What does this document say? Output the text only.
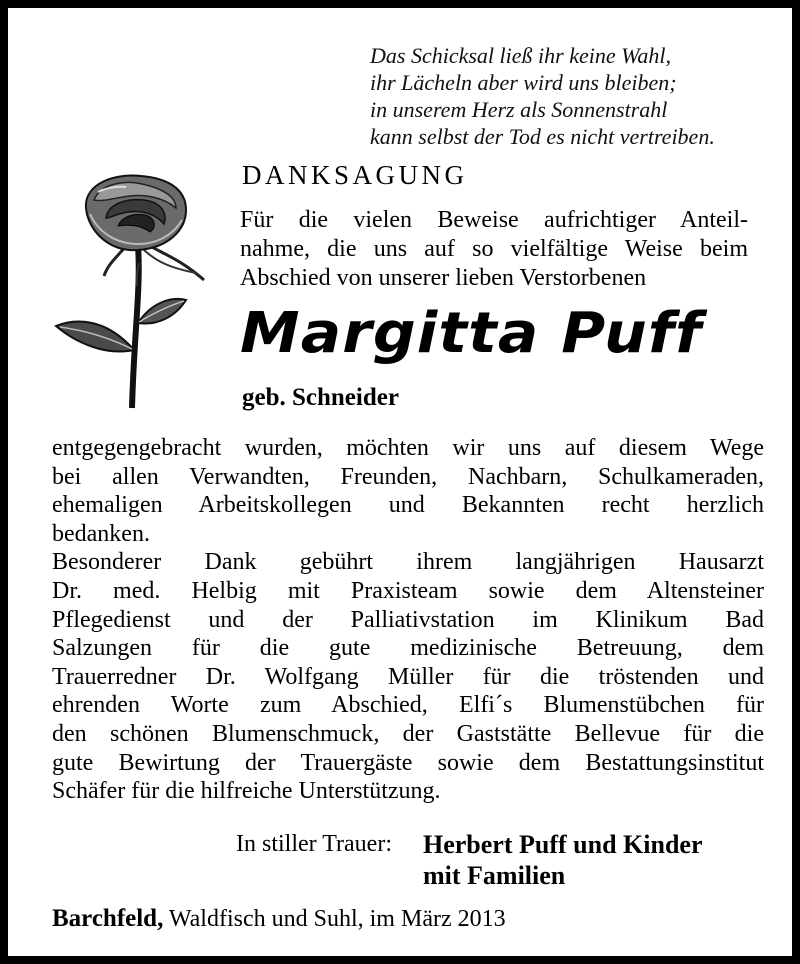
Das Schicksal ließ ihr keine Wahl,
ihr Lächeln aber wird uns bleiben;
in unserem Herz als Sonnenstrahl
kann selbst der Tod es nicht vertreiben.
DANKSAGUNG
Für die vielen Beweise aufrichtiger Anteil-
nahme, die uns auf so vielfältige Weise beim
Abschied von unserer lieben Verstorbenen
Margitta Puff
geb. Schneider
entgegengebracht wurden, möchten wir uns auf diesem Wege
bei allen Verwandten, Freunden, Nachbarn, Schulkameraden,
ehemaligen Arbeitskollegen und Bekannten recht herzlich
bedanken.
Besonderer Dank gebührt ihrem langjährigen Hausarzt
Dr. med. Helbig mit Praxisteam sowie dem Altensteiner
Pflegedienst und der Palliativstation im Klinikum Bad
Salzungen für die gute medizinische Betreuung, dem
Trauerredner Dr. Wolfgang Müller für die tröstenden und
ehrenden Worte zum Abschied, Elfi´s Blumenstübchen für
den schönen Blumenschmuck, der Gaststätte Bellevue für die
gute Bewirtung der Trauergäste sowie dem Bestattungsinstitut
Schäfer für die hilfreiche Unterstützung.
In stiller Trauer: Herbert Puff und Kinder
mit Familien
Barchfeld, Waldfisch und Suhl, im März 2013
